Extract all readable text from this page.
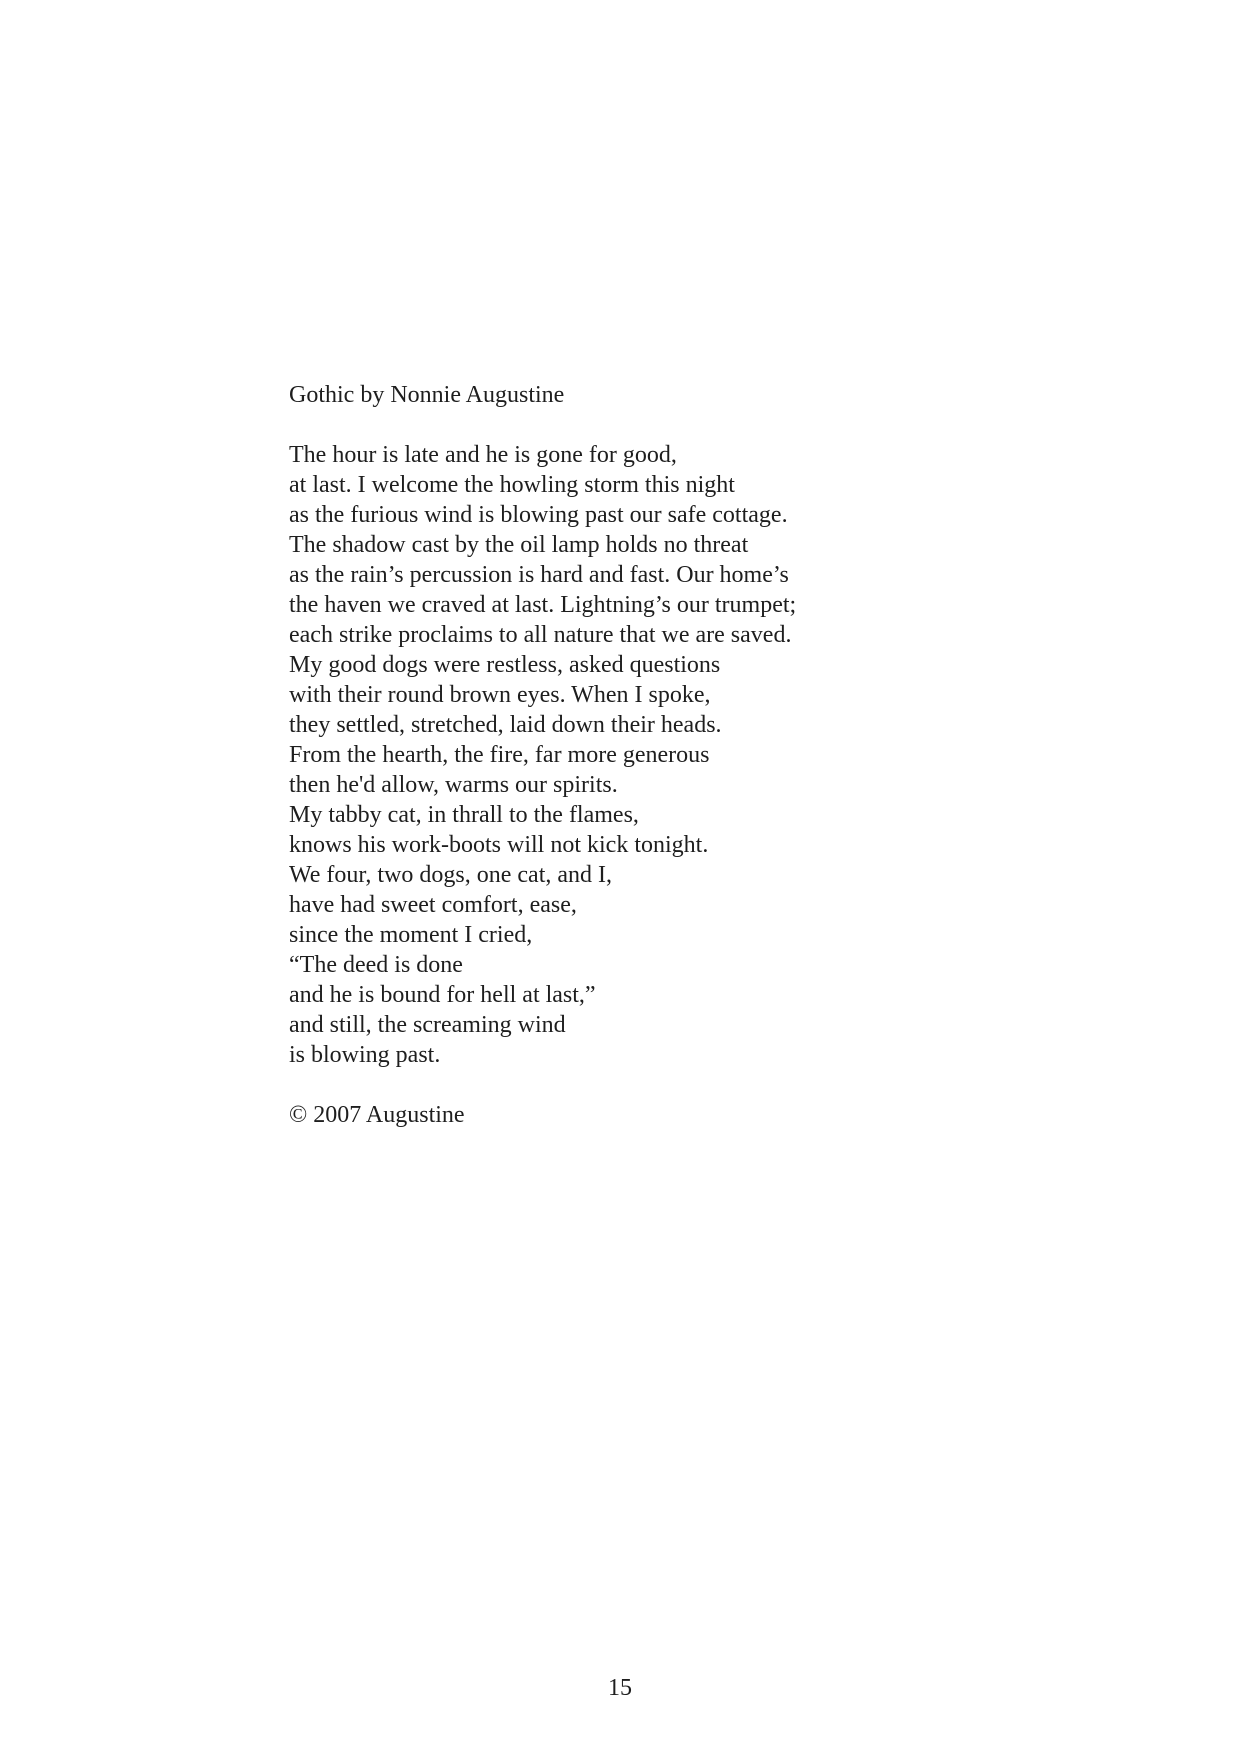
Gothic by Nonnie Augustine

The hour is late and he is gone for good,
at last. I welcome the howling storm this night
as the furious wind is blowing past our safe cottage.
The shadow cast by the oil lamp holds no threat
as the rain’s percussion is hard and fast. Our home’s
the haven we craved at last. Lightning’s our trumpet;
each strike proclaims to all nature that we are saved.
My good dogs were restless, asked questions
with their round brown eyes. When I spoke,
they settled, stretched, laid down their heads.
From the hearth, the fire, far more generous
then he'd allow, warms our spirits.
My tabby cat, in thrall to the flames,
knows his work-boots will not kick tonight.
We four, two dogs, one cat, and I,
have had sweet comfort, ease,
since the moment I cried,
“The deed is done
and he is bound for hell at last,”
and still, the screaming wind
is blowing past.

© 2007 Augustine

15
